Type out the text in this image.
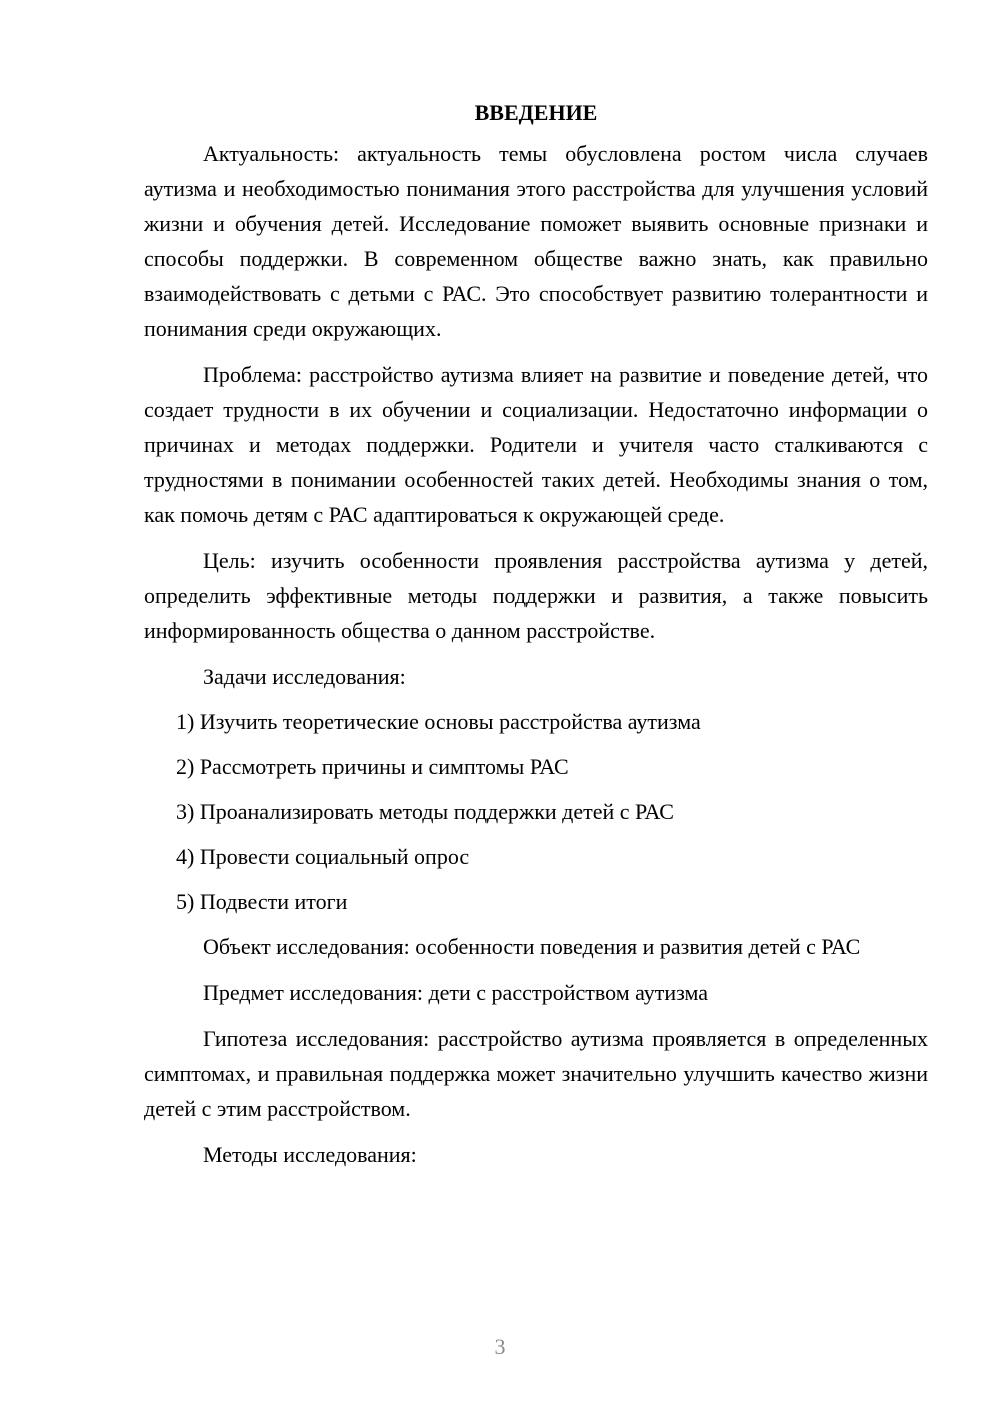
ВВЕДЕНИЕ

Актуальность: актуальность темы обусловлена ростом числа случаев аутизма и необходимостью понимания этого расстройства для улучшения условий жизни и обучения детей. Исследование поможет выявить основные признаки и способы поддержки. В современном обществе важно знать, как правильно взаимодействовать с детьми с РАС. Это способствует развитию толерантности и понимания среди окружающих.

Проблема: расстройство аутизма влияет на развитие и поведение детей, что создает трудности в их обучении и социализации. Недостаточно информации о причинах и методах поддержки. Родители и учителя часто сталкиваются с трудностями в понимании особенностей таких детей. Необходимы знания о том, как помочь детям с РАС адаптироваться к окружающей среде.

Цель: изучить особенности проявления расстройства аутизма у детей, определить эффективные методы поддержки и развития, а также повысить информированность общества о данном расстройстве.

Задачи исследования:

1) Изучить теоретические основы расстройства аутизма
2) Рассмотреть причины и симптомы РАС
3) Проанализировать методы поддержки детей с РАС
4) Провести социальный опрос
5) Подвести итоги

Объект исследования: особенности поведения и развития детей с РАС

Предмет исследования: дети с расстройством аутизма

Гипотеза исследования: расстройство аутизма проявляется в определенных симптомах, и правильная поддержка может значительно улучшить качество жизни детей с этим расстройством.

Методы исследования:

3
